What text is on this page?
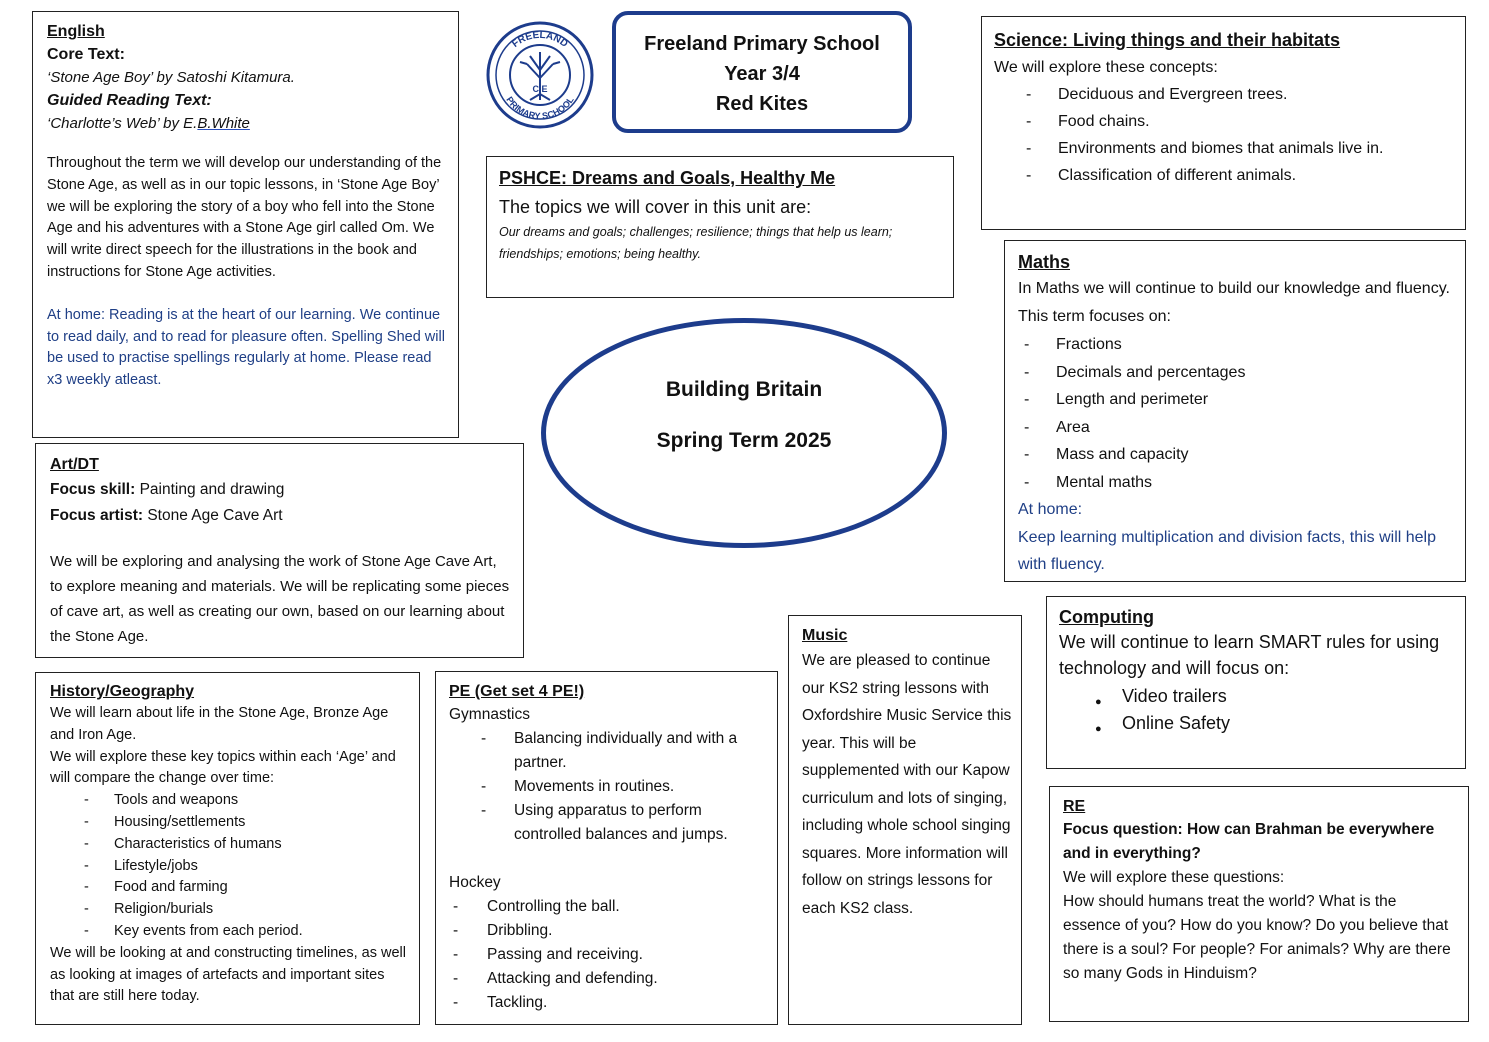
English
Core Text:
‘Stone Age Boy’ by Satoshi Kitamura.
Guided Reading Text:
‘Charlotte’s Web’ by E.B.White

Throughout the term we will develop our understanding of the Stone Age, as well as in our topic lessons, in ‘Stone Age Boy’ we will be exploring the story of a boy who fell into the Stone Age and his adventures with a Stone Age girl called Om. We will write direct speech for the illustrations in the book and instructions for Stone Age activities.

At home: Reading is at the heart of our learning. We continue to read daily, and to read for pleasure often. Spelling Shed will be used to practise spellings regularly at home. Please read x3 weekly atleast.

FREELAND
PRIMARY SCHOOL
C E
Freeland Primary School
Year 3/4
Red Kites
PSHCE: Dreams and Goals, Healthy Me
The topics we will cover in this unit are:

Our dreams and goals; challenges; resilience; things that help us learn; friendships; emotions; being healthy.

Building Britain
Spring Term 2025
Science: Living things and their habitats
We will explore these concepts:
- Deciduous and Evergreen trees.
- Food chains.
- Environments and biomes that animals live in.
- Classification of different animals.
Maths

In Maths we will continue to build our knowledge and fluency. This term focuses on:

- Fractions
- Decimals and percentages
- Length and perimeter
- Area
- Mass and capacity
- Mental maths
At home:

Keep learning multiplication and division facts, this will help with fluency.

Art/DT
Focus skill: Painting and drawing
Focus artist: Stone Age Cave Art

We will be exploring and analysing the work of Stone Age Cave Art, to explore meaning and materials. We will be replicating some pieces of cave art, as well as creating our own, based on our learning about the Stone Age.

History/Geography

We will learn about life in the Stone Age, Bronze Age and Iron Age.

We will explore these key topics within each ‘Age’ and will compare the change over time:

- Tools and weapons
- Housing/settlements
- Characteristics of humans
- Lifestyle/jobs
- Food and farming
- Religion/burials
- Key events from each period.

We will be looking at and constructing timelines, as well as looking at images of artefacts and important sites that are still here today.

PE (Get set 4 PE!)
Gymnastics
- Balancing individually and with a partner.
- Movements in routines.
- Using apparatus to perform controlled balances and jumps.
Hockey
- Controlling the ball.
- Dribbling.
- Passing and receiving.
- Attacking and defending.
- Tackling.
Music

We are pleased to continue our KS2 string lessons with Oxfordshire Music Service this year. This will be supplemented with our Kapow curriculum and lots of singing, including whole school singing squares. More information will follow on strings lessons for each KS2 class.

Computing

We will continue to learn SMART rules for using technology and will focus on:

● Video trailers
● Online Safety
RE

Focus question: How can Brahman be everywhere and in everything?

We will explore these questions:

How should humans treat the world? What is the essence of you? How do you know? Do you believe that there is a soul? For people? For animals? Why are there so many Gods in Hinduism?
